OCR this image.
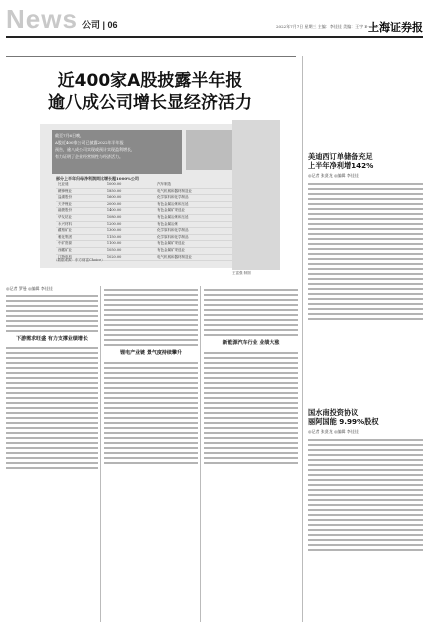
News 公司 | 06	2022年7月7日 星期三 主编：李佳佳 美编：王宇 E-mail：
上海证券报
近400家A股披露半年报
逾八成公司增长显经济活力

截至7月6日晚，

A股近400家公司已披露2022年半年报

预告，逾八成公司实现或预计实现盈利增长，

有力证明了企业经营韧性与经济活力。

部分上半年归母净利润同比增长超1000%公司
比亚迪	1000.00	汽车制造
赣锋锂业	1850.00	电气机械和器材制造业
盐湖股份	1600.00	化学原料和化学制品
天齐锂业	2000.00	有色金属冶炼和压延
融捷股份	1400.00	有色金属矿采选业
华友钴业	1080.00	有色金属冶炼和压延
永兴材料	1200.00	有色金属冶炼
藏格矿业	1300.00	化学原料和化学制品
雅化集团	1150.00	化学原料和化学制品
中矿资源	1100.00	有色金属矿采选业
西藏矿业	1050.00	有色金属矿采选业
江特电机	1020.00	电气机械和器材制造业
（数据来源：东方财富Choice）
王富强 制图
◎记者 罗曼 ◎编辑 李佳佳
下游需求旺盛 有力支撑业绩增长
锂电产业链 景气度持续攀升
新能源汽车行业 业绩大涨
美迪西订单储备充足
上半年净利增142%
◎记者 张贤龙 ◎编辑 李佳佳
国水南投资协议
丽阿国能 9.99%股权
◎记者 张贤龙 ◎编辑 李佳佳
